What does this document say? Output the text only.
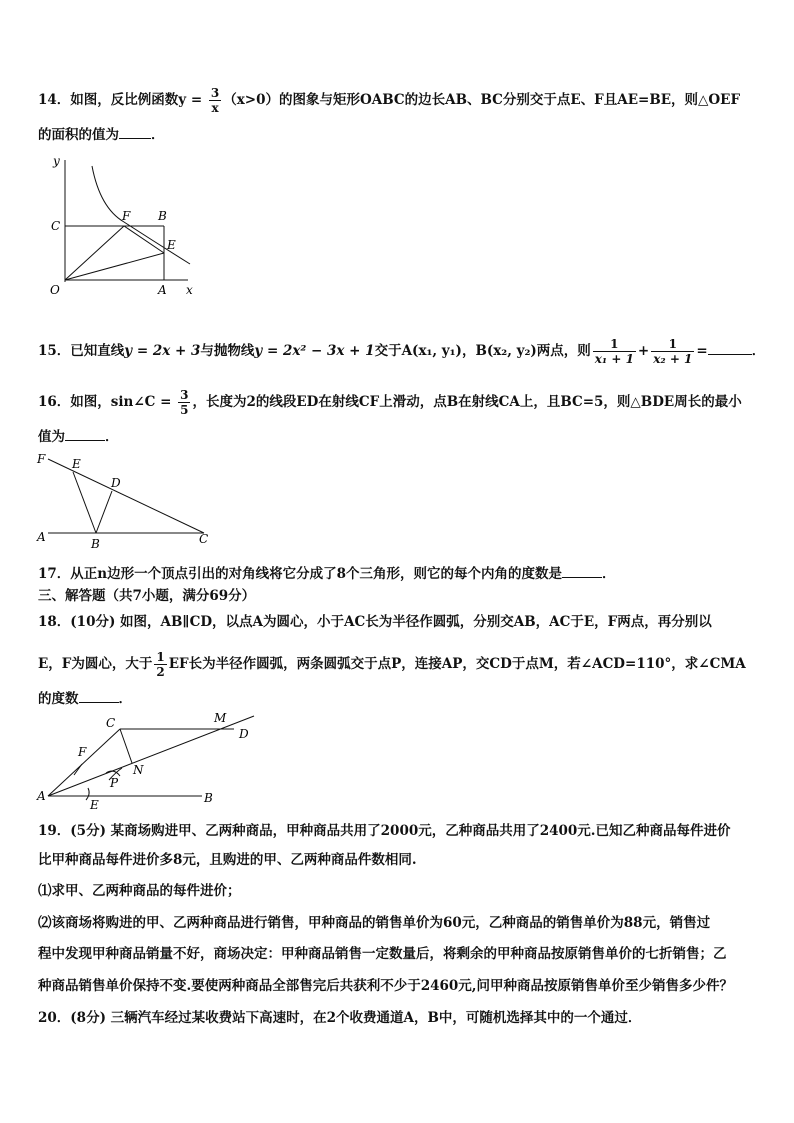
14．如图，反比例函数$y = \frac{3}{x} (x>0)$的图象与矩形OABC的边长AB、BC分别交于点E、F且AE=BE，则△OEF
的面积的值为 ．
y
x
O	A
B
C
F
E
15．已知直线y = 2x + 3与抛物线y = 2x² − 3x + 1交于A(x₁, y₁)，B(x₂, y₂)两点，则 $\frac{1}{\text{x₁ + 1}} + \frac{1}{\text{x₂ + 1}}$ =	．
16．如图，sin∠C = $\frac{3}{5}$ ，长度为2的线段ED在射线CF上滑动，点B在射线CA上，且BC=5，则△BDE周长的最小
值为	．
F E
D
A	B	C
17．从正n边形一个顶点引出的对角线将它分成了8个三角形，则它的每个内角的度数是	．
三、解答题（共7小题，满分69分）
18．(10分) 如图，AB∥CD，以点A为圆心，小于AC长为半径作圆弧，分别交AB，AC于E，F两点，再分别以
E，F为圆心，大于 $\frac{1}{2}$ EF长为半径作圆弧，两条圆弧交于点P，连接AP，交CD于点M，若∠ACD=110°，求∠CMA
的度数	．
C	M
D
F
N
P
A
E	B
19．(5分) 某商场购进甲、乙两种商品，甲种商品共用了2000元，乙种商品共用了2400元.已知乙种商品每件进价
比甲种商品每件进价多8元，且购进的甲、乙两种商品件数相同.
⑴求甲、乙两种商品的每件进价；
⑵该商场将购进的甲、乙两种商品进行销售，甲种商品的销售单价为60元，乙种商品的销售单价为88元，销售过
程中发现甲种商品销量不好，商场决定：甲种商品销售一定数量后，将剩余的甲种商品按原销售单价的七折销售；乙
种商品销售单价保持不变.要使两种商品全部售完后共获利不少于2460元,问甲种商品按原销售单价至少销售多少件？
20．(8分) 三辆汽车经过某收费站下高速时，在2个收费通道A，B中，可随机选择其中的一个通过．
